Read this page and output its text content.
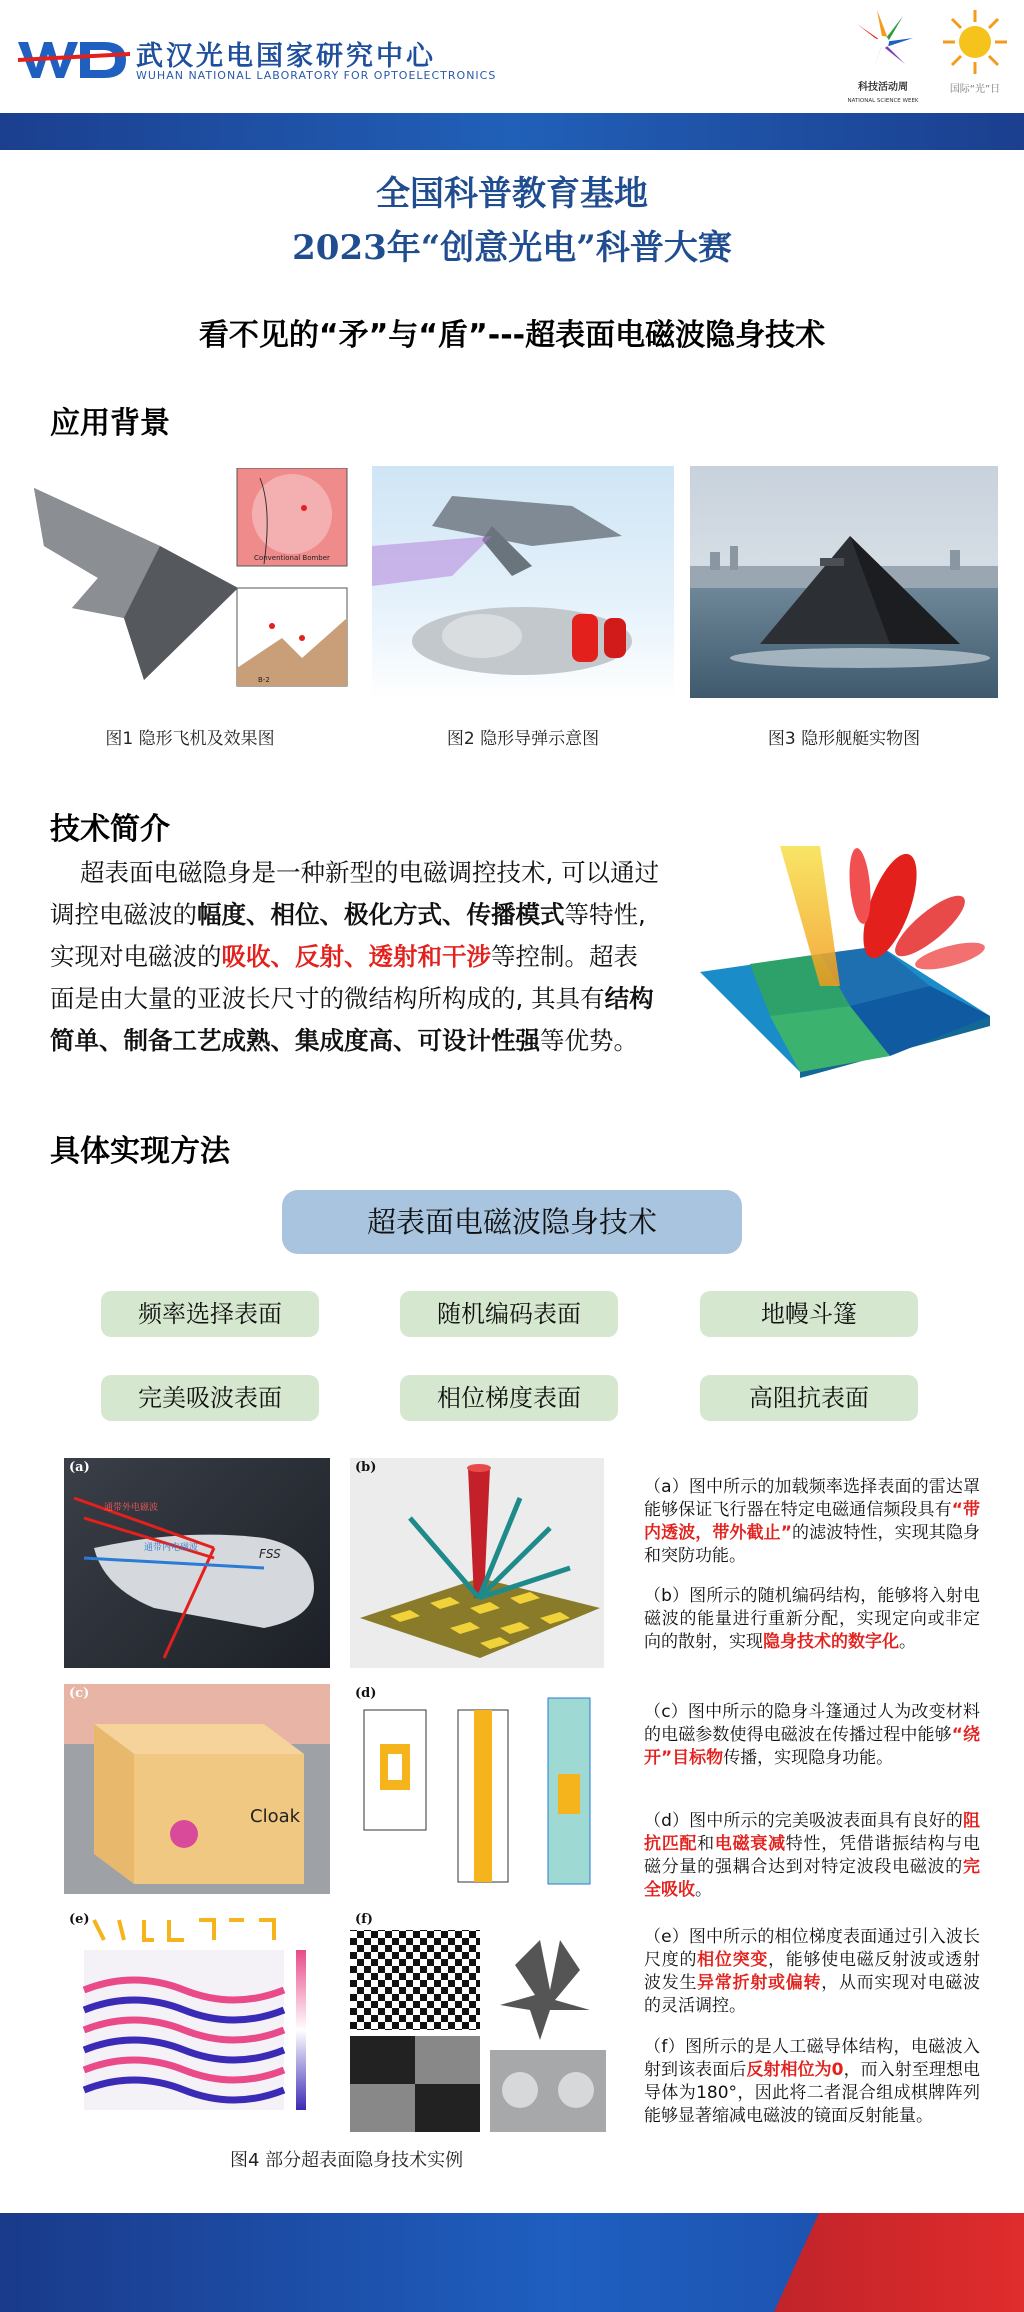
武汉光电国家研究中心
WUHAN NATIONAL LABORATORY FOR OPTOELECTRONICS
科技活动周
NATIONAL SCIENCE WEEK
国际“光”日
全国科普教育基地
2023年“创意光电”科普大赛
看不见的“矛”与“盾”---超表面电磁波隐身技术
应用背景
Conventional Bomber
B-2
图1 隐形飞机及效果图	图2 隐形导弹示意图	图3 隐形舰艇实物图
技术简介
超表面电磁隐身是一种新型的电磁调控技术, 可以通过调控电磁波的幅度、相位、极化方式、传播模式等特性,实现对电磁波的吸收、反射、透射和干涉等控制。超表面是由大量的亚波长尺寸的微结构所构成的, 其具有结构简单、制备工艺成熟、集成度高、可设计性强等优势。
具体实现方法
超表面电磁波隐身技术
频率选择表面	随机编码表面	地幔斗篷
完美吸波表面	相位梯度表面	高阻抗表面
(a)
通带外电磁波
通带内电磁波	FSS
(b)
(c)
Cloak
(d)
(e)	(f)
图4 部分超表面隐身技术实例
（a）图中所示的加载频率选择表面的雷达罩能够保证飞行器在特定电磁通信频段具有“带内透波，带外截止”的滤波特性，实现其隐身和突防功能。
（b）图所示的随机编码结构，能够将入射电磁波的能量进行重新分配，实现定向或非定向的散射，实现隐身技术的数字化。
（c）图中所示的隐身斗篷通过人为改变材料的电磁参数使得电磁波在传播过程中能够“绕开”目标物传播，实现隐身功能。
（d）图中所示的完美吸波表面具有良好的阻抗匹配和电磁衰减特性，凭借谐振结构与电磁分量的强耦合达到对特定波段电磁波的完全吸收。
（e）图中所示的相位梯度表面通过引入波长尺度的相位突变，能够使电磁反射波或透射波发生异常折射或偏转，从而实现对电磁波的灵活调控。
（f）图所示的是人工磁导体结构，电磁波入射到该表面后反射相位为0，而入射至理想电导体为180°，因此将二者混合组成棋牌阵列能够显著缩减电磁波的镜面反射能量。
